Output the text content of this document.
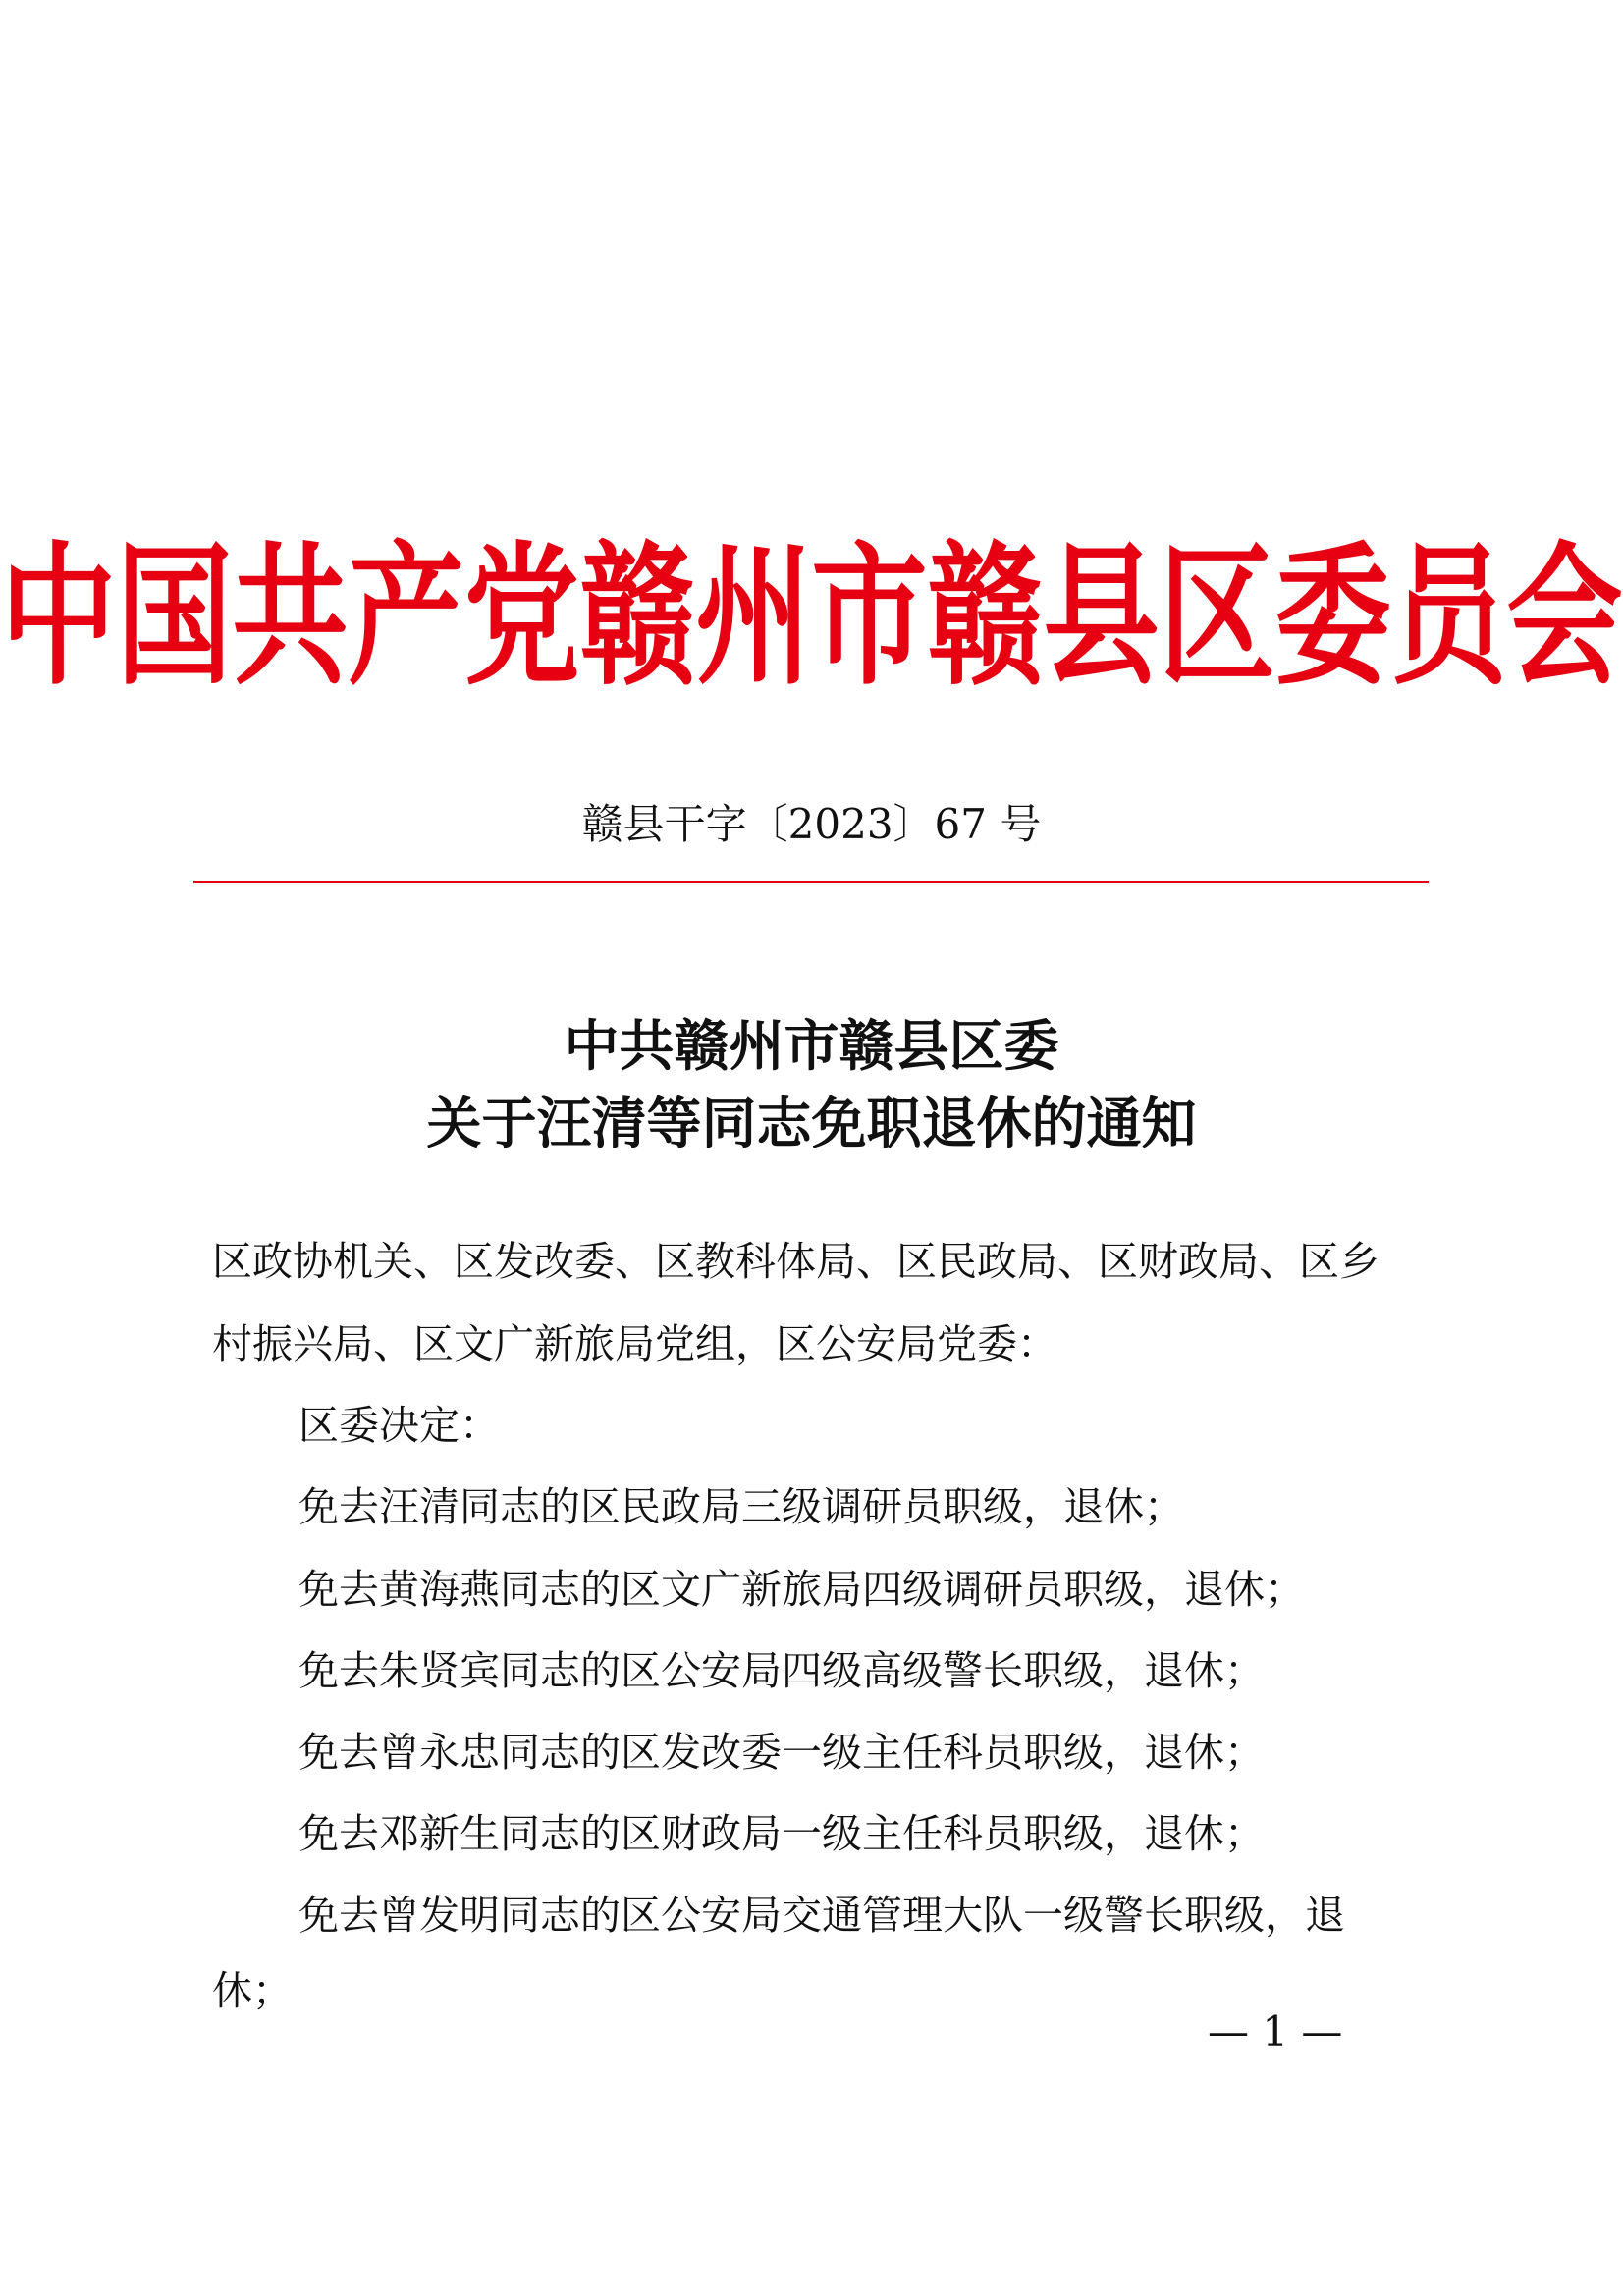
中国共产党赣州市赣县区委员会
赣县干字〔2023〕67 号
中共赣州市赣县区委
关于汪清等同志免职退休的通知
区政协机关、区发改委、区教科体局、区民政局、区财政局、区乡
村振兴局、区文广新旅局党组，区公安局党委：
区委决定：
免去汪清同志的区民政局三级调研员职级，退休；
免去黄海燕同志的区文广新旅局四级调研员职级，退休；
免去朱贤宾同志的区公安局四级高级警长职级，退休；
免去曾永忠同志的区发改委一级主任科员职级，退休；
免去邓新生同志的区财政局一级主任科员职级，退休；
免去曾发明同志的区公安局交通管理大队一级警长职级，退
休；
— 1 —
